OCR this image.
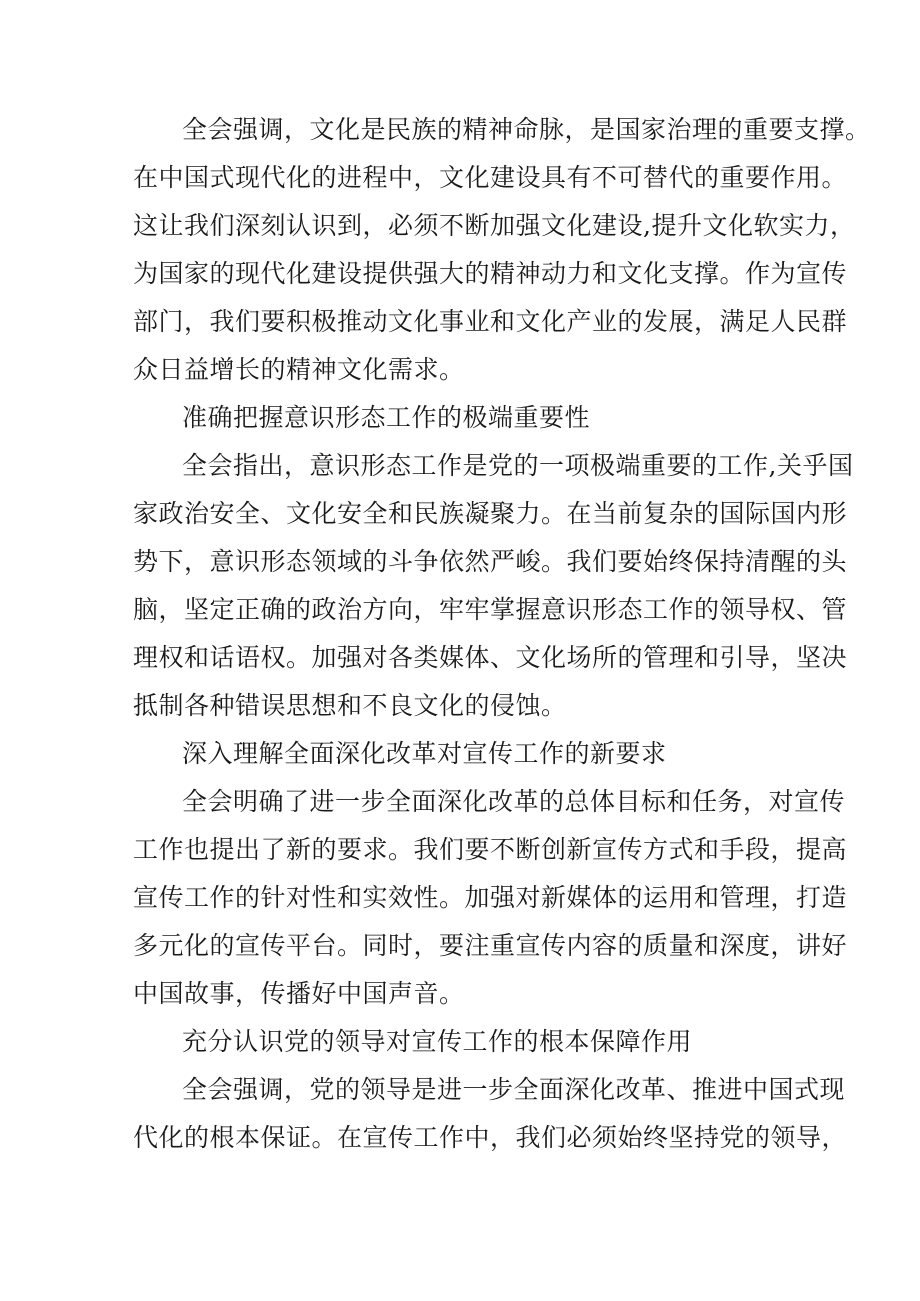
全会强调，文化是民族的精神命脉，是国家治理的重要支撑。
在中国式现代化的进程中，文化建设具有不可替代的重要作用。
这让我们深刻认识到，必须不断加强文化建设,提升文化软实力，
为国家的现代化建设提供强大的精神动力和文化支撑。作为宣传
部门，我们要积极推动文化事业和文化产业的发展，满足人民群
众日益增长的精神文化需求。
准确把握意识形态工作的极端重要性
全会指出，意识形态工作是党的一项极端重要的工作,关乎国
家政治安全、文化安全和民族凝聚力。在当前复杂的国际国内形
势下，意识形态领域的斗争依然严峻。我们要始终保持清醒的头
脑，坚定正确的政治方向，牢牢掌握意识形态工作的领导权、管
理权和话语权。加强对各类媒体、文化场所的管理和引导，坚决
抵制各种错误思想和不良文化的侵蚀。
深入理解全面深化改革对宣传工作的新要求
全会明确了进一步全面深化改革的总体目标和任务，对宣传
工作也提出了新的要求。我们要不断创新宣传方式和手段，提高
宣传工作的针对性和实效性。加强对新媒体的运用和管理，打造
多元化的宣传平台。同时，要注重宣传内容的质量和深度，讲好
中国故事，传播好中国声音。
充分认识党的领导对宣传工作的根本保障作用
全会强调，党的领导是进一步全面深化改革、推进中国式现
代化的根本保证。在宣传工作中，我们必须始终坚持党的领导，
